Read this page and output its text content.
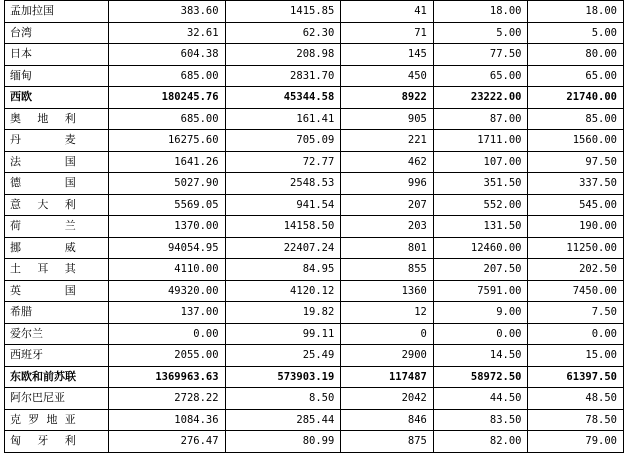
孟加拉国	383.60	1415.85	41	18.00	18.00
台湾	32.61	62.30	71	5.00	5.00
日本	604.38	208.98	145	77.50	80.00
缅甸	685.00	2831.70	450	65.00	65.00
西欧	180245.76	45344.58	8922	23222.00	21740.00

奥 地 利	685.00	161.41	905	87.00	85.00

丹 麦	16275.60	705.09	221	1711.00	1560.00

法 国	1641.26	72.77	462	107.00	97.50

德 国	5027.90	2548.53	996	351.50	337.50

意 大 利	5569.05	941.54	207	552.00	545.00

荷 兰	1370.00	14158.50	203	131.50	190.00

挪 威	94054.95	22407.24	801	12460.00	11250.00

土 耳 其	4110.00	84.95	855	207.50	202.50

英 国	49320.00	4120.12	1360	7591.00	7450.00
希腊	137.00	19.82	12	9.00	7.50
爱尔兰	0.00	99.11	0	0.00	0.00
西班牙	2055.00	25.49	2900	14.50	15.00
东欧和前苏联	1369963.63	573903.19	117487	58972.50	61397.50
阿尔巴尼亚	2728.22	8.50	2042	44.50	48.50

克 罗 地 亚	1084.36	285.44	846	83.50	78.50

匈 牙 利	276.47	80.99	875	82.00	79.00
